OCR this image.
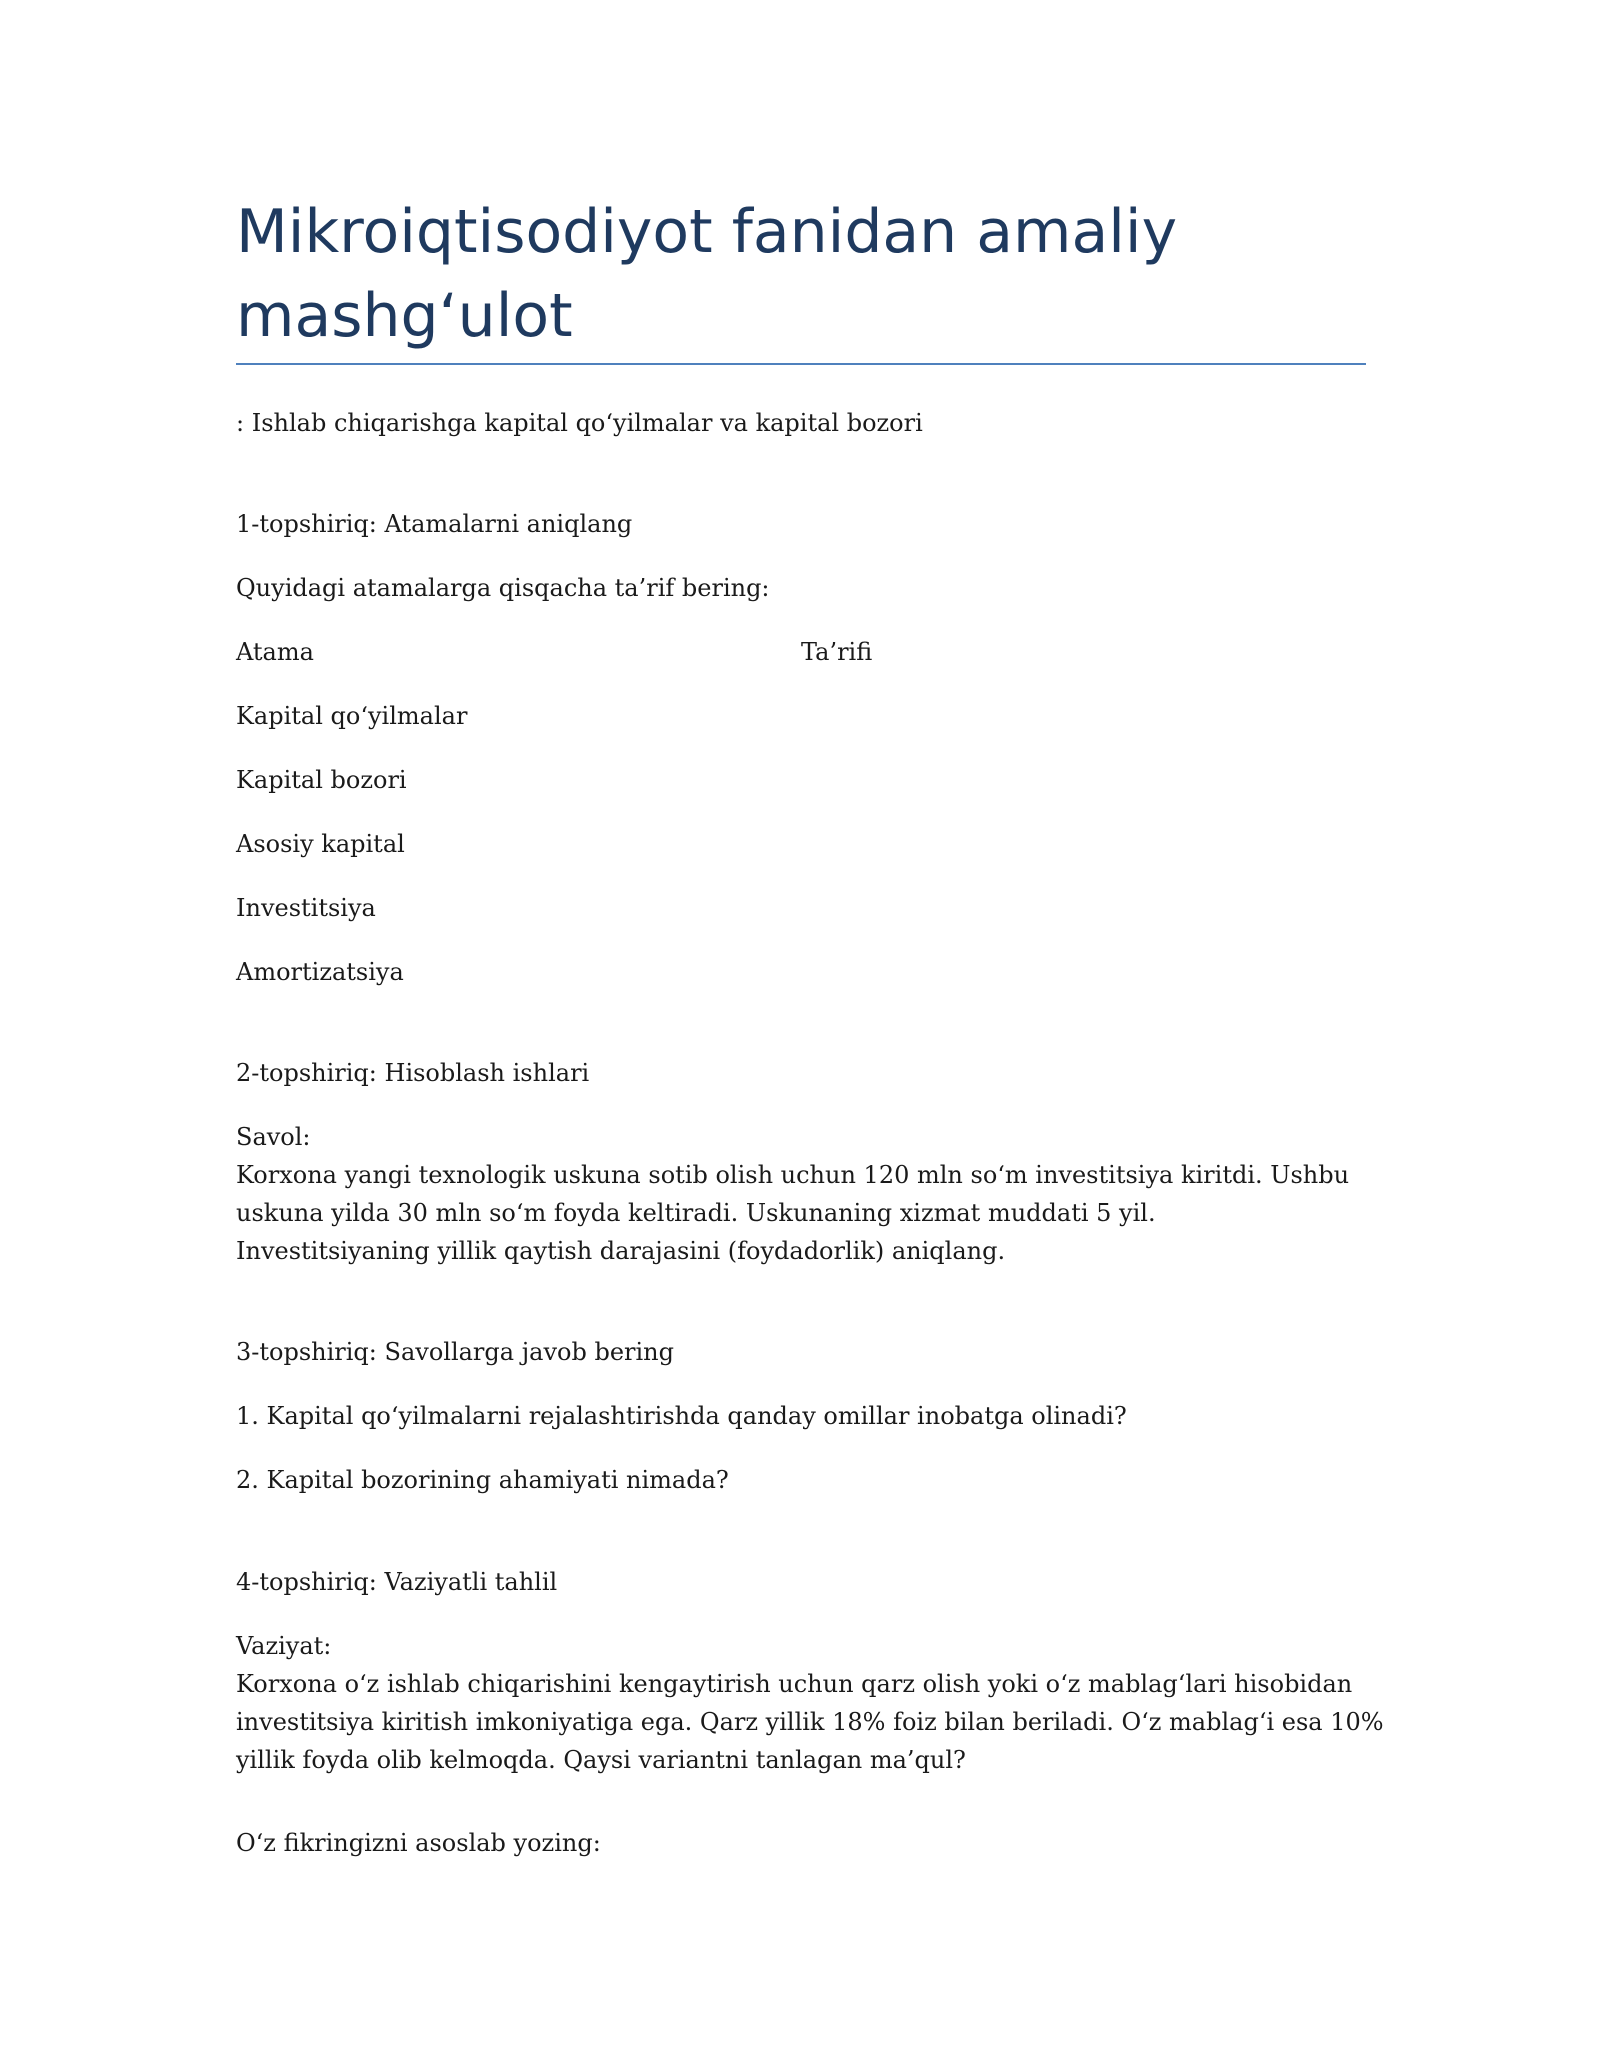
Mikroiqtisodiyot fanidan amaliy mashg‘ulot

: Ishlab chiqarishga kapital qo‘yilmalar va kapital bozori

1-topshiriq: Atamalarni aniqlang

Quyidagi atamalarga qisqacha ta’rif bering:

Atama	Ta’rifi

Kapital qo‘yilmalar

Kapital bozori

Asosiy kapital

Investitsiya

Amortizatsiya

2-topshiriq: Hisoblash ishlari

Savol:
Korxona yangi texnologik uskuna sotib olish uchun 120 mln so‘m investitsiya kiritdi. Ushbu
uskuna yilda 30 mln so‘m foyda keltiradi. Uskunaning xizmat muddati 5 yil.
Investitsiyaning yillik qaytish darajasini (foydadorlik) aniqlang.

3-topshiriq: Savollarga javob bering

1. Kapital qo‘yilmalarni rejalashtirishda qanday omillar inobatga olinadi?

2. Kapital bozorining ahamiyati nimada?

4-topshiriq: Vaziyatli tahlil

Vaziyat:
Korxona o‘z ishlab chiqarishini kengaytirish uchun qarz olish yoki o‘z mablag‘lari hisobidan
investitsiya kiritish imkoniyatiga ega. Qarz yillik 18% foiz bilan beriladi. O‘z mablag‘i esa 10%
yillik foyda olib kelmoqda. Qaysi variantni tanlagan ma’qul?

O‘z fikringizni asoslab yozing:
